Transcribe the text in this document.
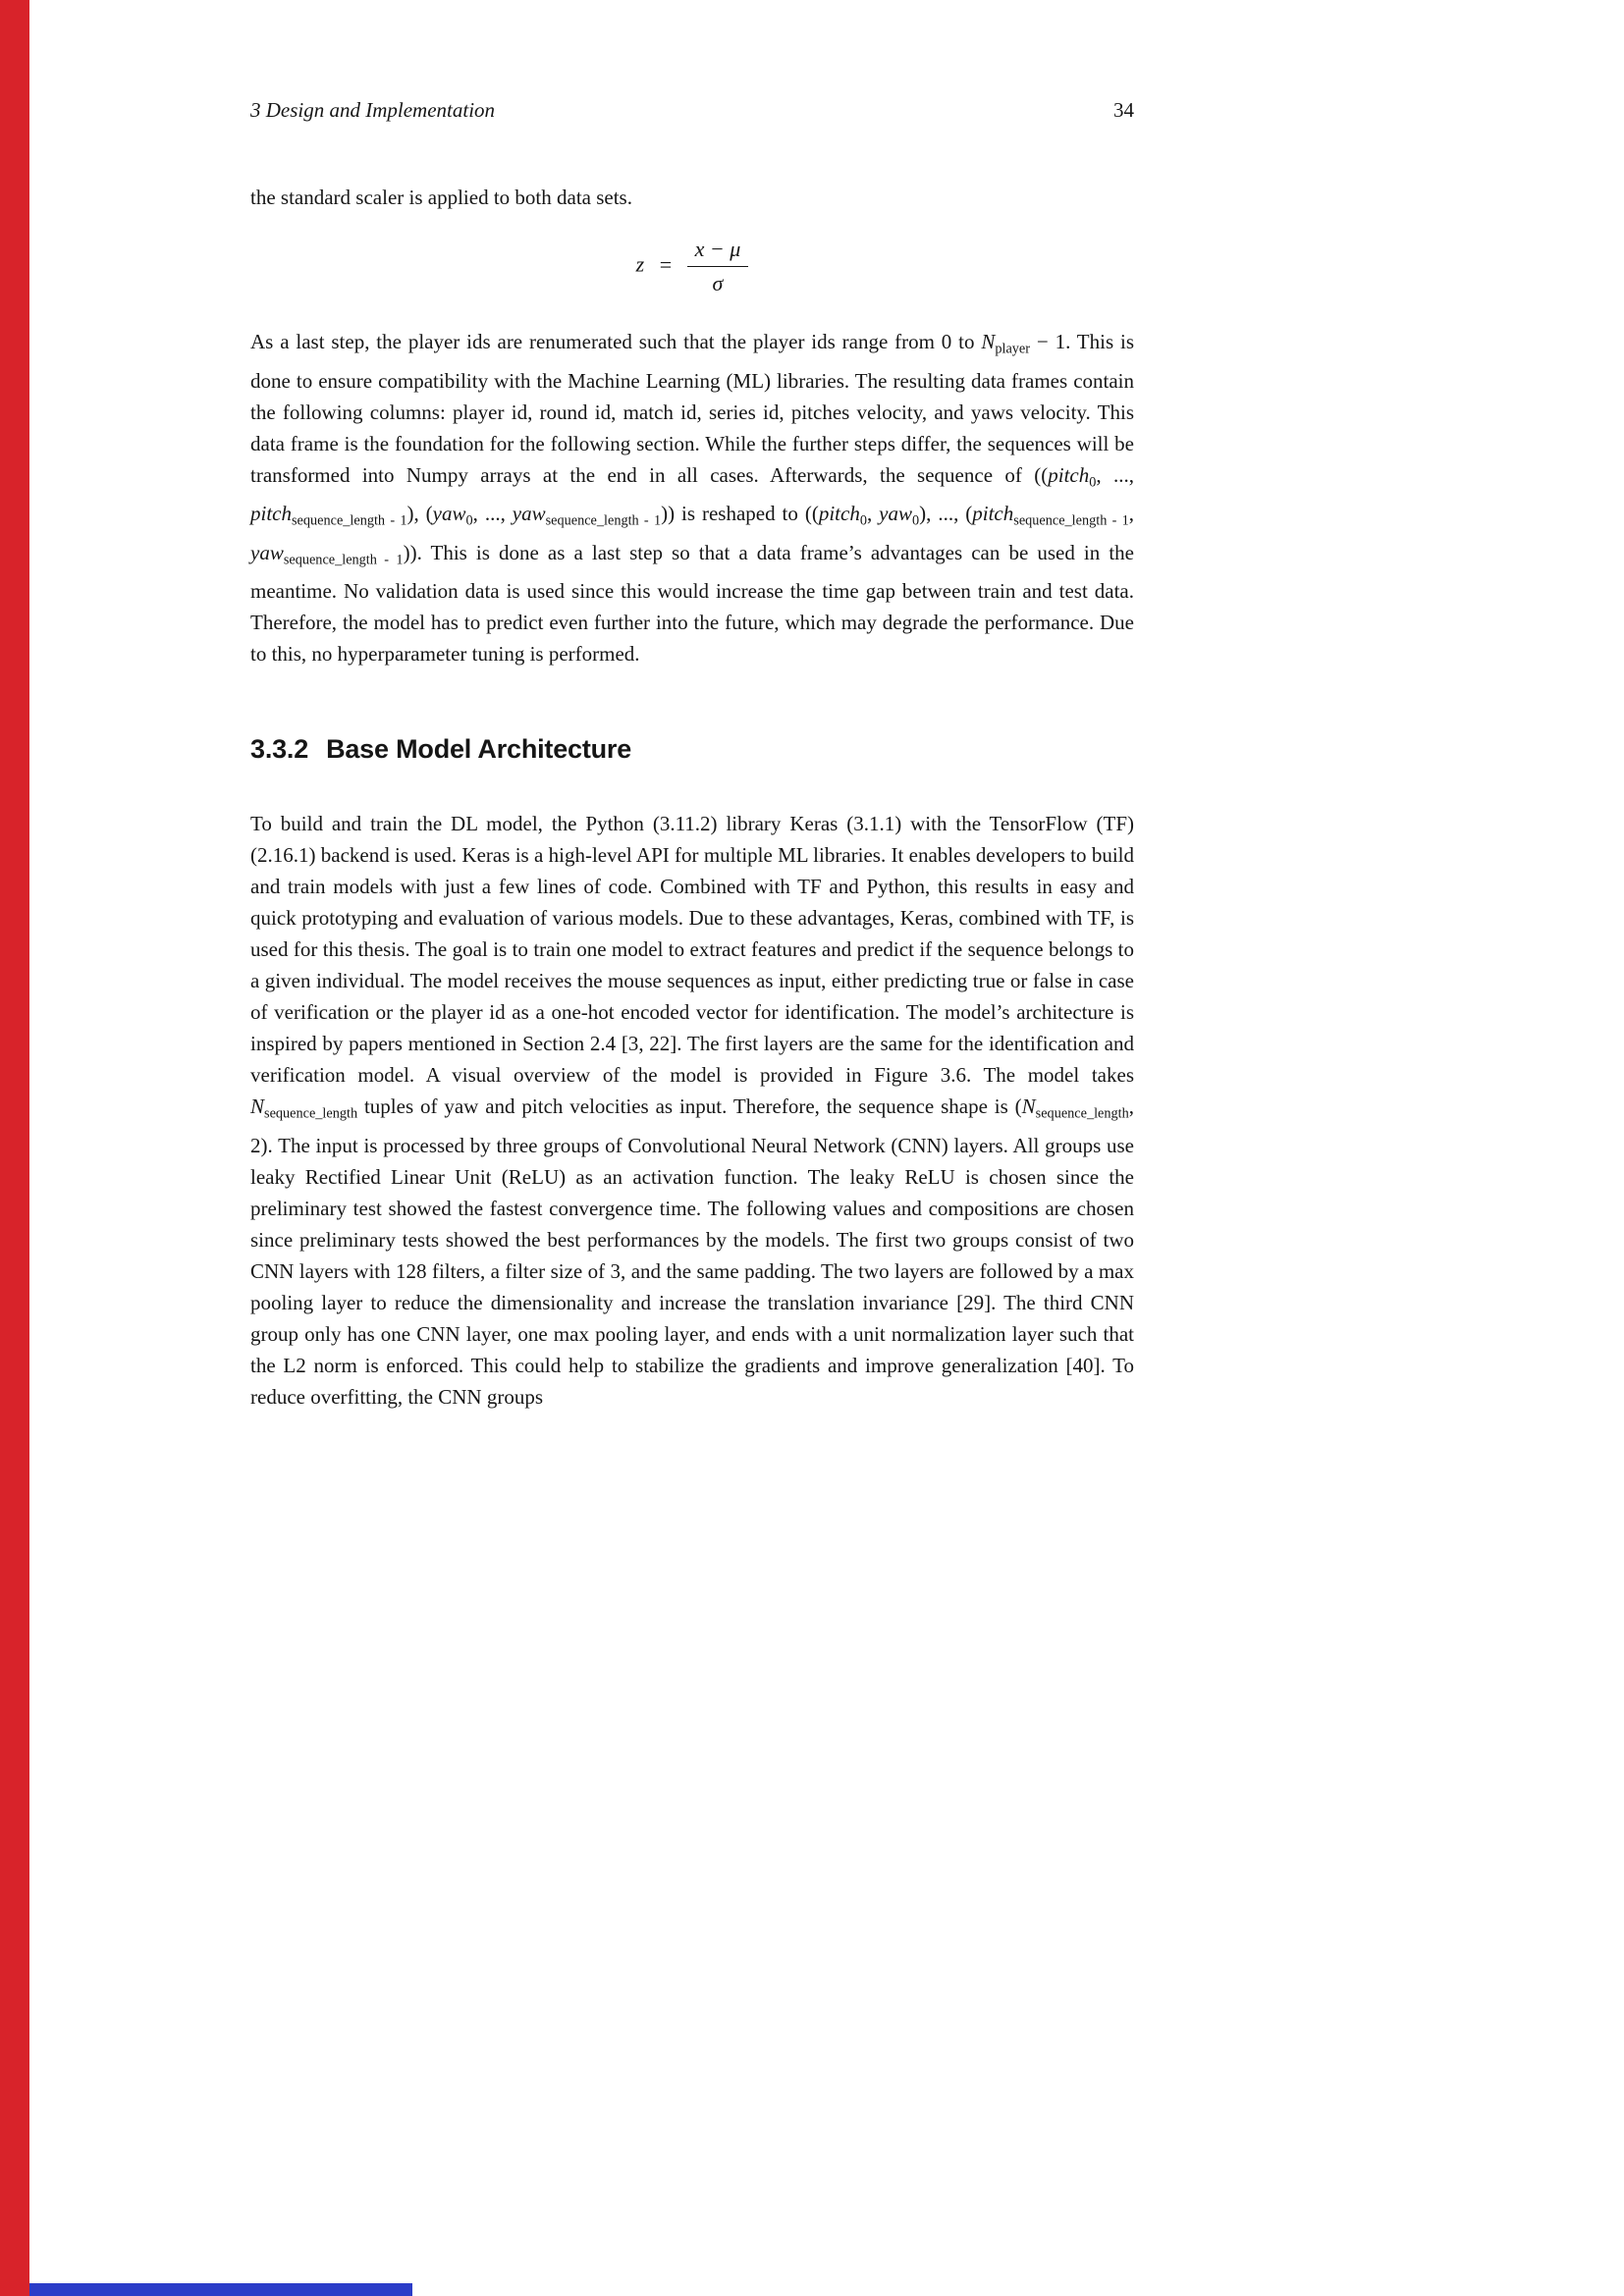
3 Design and Implementation	34

the standard scaler is applied to both data sets.

$z = \frac{x - \mu}{\sigma}$

As a last step, the player ids are renumerated such that the player ids range from 0 to $N_{player} - 1$. This is done to ensure compatibility with the Machine Learning (ML) libraries. The resulting data frames contain the following columns: player id, round id, match id, series id, pitches velocity, and yaws velocity. This data frame is the foundation for the following section. While the further steps differ, the sequences will be transformed into Numpy arrays at the end in all cases. Afterwards, the sequence of ((pitch$_0$, ..., pitch$_{sequence\_length - 1}$), (yaw$_0$, ..., yaw$_{sequence\_length - 1}$)) is reshaped to ((pitch$_0$, yaw$_0$), ..., (pitch$_{sequence\_length - 1}$, yaw$_{sequence\_length - 1}$)). This is done as a last step so that a data frame’s advantages can be used in the meantime. No validation data is used since this would increase the time gap between train and test data. Therefore, the model has to predict even further into the future, which may degrade the performance. Due to this, no hyperparameter tuning is performed.

3.3.2 Base Model Architecture

To build and train the DL model, the Python (3.11.2) library Keras (3.1.1) with the TensorFlow (TF) (2.16.1) backend is used. Keras is a high-level API for multiple ML libraries. It enables developers to build and train models with just a few lines of code. Combined with TF and Python, this results in easy and quick prototyping and evaluation of various models. Due to these advantages, Keras, combined with TF, is used for this thesis. The goal is to train one model to extract features and predict if the sequence belongs to a given individual. The model receives the mouse sequences as input, either predicting true or false in case of verification or the player id as a one-hot encoded vector for identification. The model’s architecture is inspired by papers mentioned in Section 2.4 [3, 22]. The first layers are the same for the identification and verification model. A visual overview of the model is provided in Figure 3.6. The model takes $N_{sequence\_length}$ tuples of yaw and pitch velocities as input. Therefore, the sequence shape is ($N_{sequence\_length}$, 2). The input is processed by three groups of Convolutional Neural Network (CNN) layers. All groups use leaky Rectified Linear Unit (ReLU) as an activation function. The leaky ReLU is chosen since the preliminary test showed the fastest convergence time. The following values and compositions are chosen since preliminary tests showed the best performances by the models. The first two groups consist of two CNN layers with 128 filters, a filter size of 3, and the same padding. The two layers are followed by a max pooling layer to reduce the dimensionality and increase the translation invariance [29]. The third CNN group only has one CNN layer, one max pooling layer, and ends with a unit normalization layer such that the L2 norm is enforced. This could help to stabilize the gradients and improve generalization [40]. To reduce overfitting, the CNN groups
